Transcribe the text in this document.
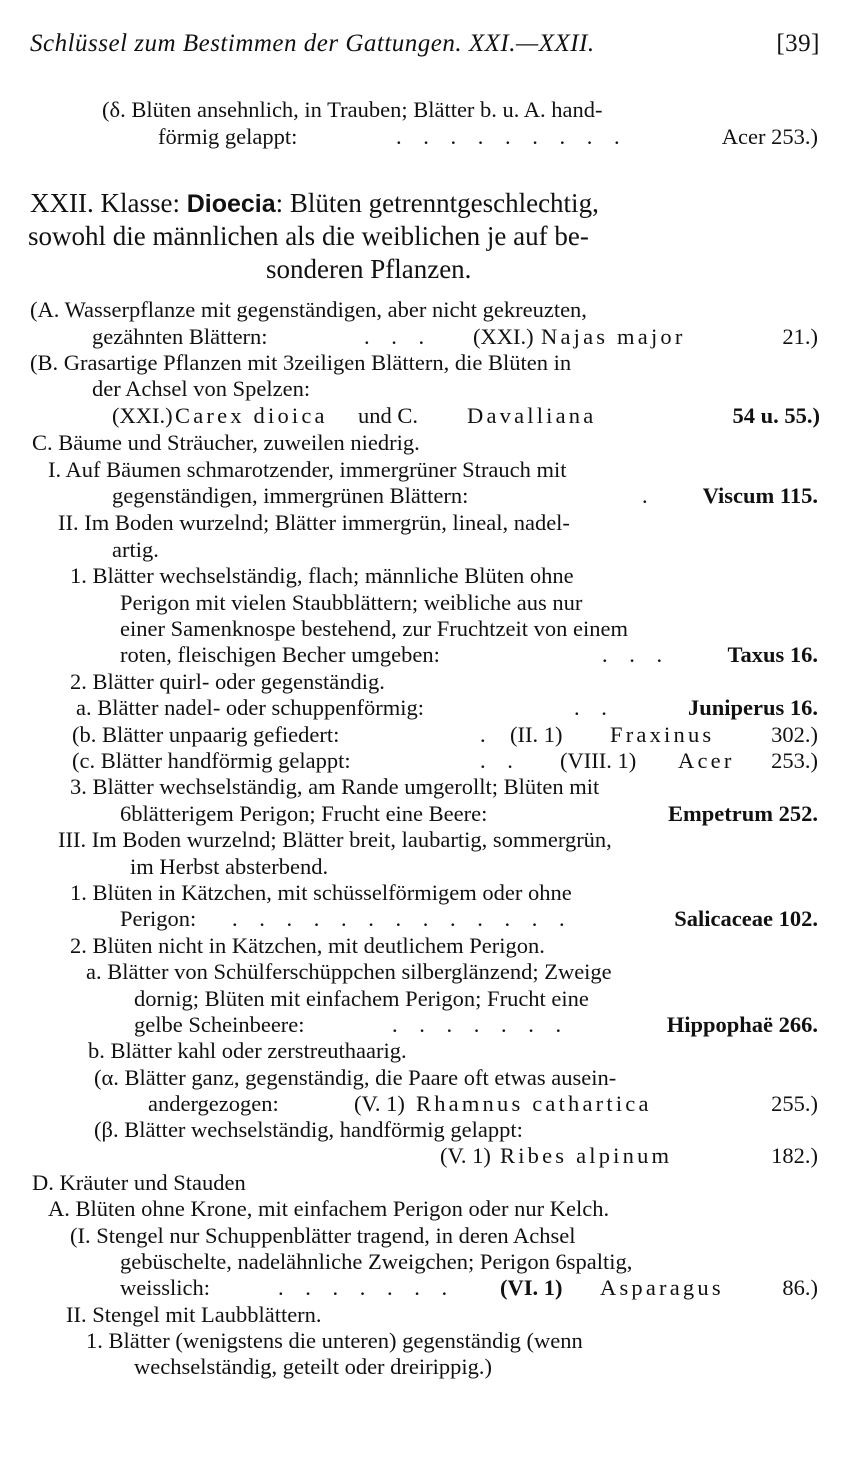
Schlüssel zum Bestimmen der Gattungen. XXI.—XXII.	[39]
(δ. Blüten ansehnlich, in Trauben; Blätter b. u. A. hand-
förmig gelappt:	. . . . . . . . .	Acer 253.)
XXII. Klasse: Dioecia: Blüten getrenntgeschlechtig,
sowohl die männlichen als die weiblichen je auf be-
sonderen Pflanzen.
(A. Wasserpflanze mit gegenständigen, aber nicht gekreuzten,
gezähnten Blättern:	. . . (XXI.) Najas major	21.)
(B. Grasartige Pflanzen mit 3zeiligen Blättern, die Blüten in
der Achsel von Spelzen:
(XXI.) Carex dioica und C. Davalliana	54 u. 55.)
C. Bäume und Sträucher, zuweilen niedrig.
I. Auf Bäumen schmarotzender, immergrüner Strauch mit
gegenständigen, immergrünen Blättern:	. Viscum 115.
II. Im Boden wurzelnd; Blätter immergrün, lineal, nadel-
artig.
1. Blätter wechselständig, flach; männliche Blüten ohne
Perigon mit vielen Staubblättern; weibliche aus nur
einer Samenknospe bestehend, zur Fruchtzeit von einem
roten, fleischigen Becher umgeben:	. . .	Taxus 16.
2. Blätter quirl- oder gegenständig.
a. Blätter nadel- oder schuppenförmig:	. .	Juniperus 16.
(b. Blätter unpaarig gefiedert:	. (II. 1) Fraxinus	302.)
(c. Blätter handförmig gelappt:	. . (VIII. 1) Acer 253.)
3. Blätter wechselständig, am Rande umgerollt; Blüten mit
6blätterigem Perigon; Frucht eine Beere:	Empetrum 252.
III. Im Boden wurzelnd; Blätter breit, laubartig, sommergrün,
im Herbst absterbend.
1. Blüten in Kätzchen, mit schüsselförmigem oder ohne
Perigon: . . . . . . . . . . . . .	Salicaceae 102.
2. Blüten nicht in Kätzchen, mit deutlichem Perigon.
a. Blätter von Schülferschüppchen silberglänzend; Zweige
dornig; Blüten mit einfachem Perigon; Frucht eine
gelbe Scheinbeere:	. . . . . . .	Hippophaë 266.
b. Blätter kahl oder zerstreuthaarig.
(α. Blätter ganz, gegenständig, die Paare oft etwas ausein-
andergezogen:	(V. 1) Rhamnus cathartica	255.)
(β. Blätter wechselständig, handförmig gelappt:
(V. 1) Ribes alpinum	182.)
D. Kräuter und Stauden
A. Blüten ohne Krone, mit einfachem Perigon oder nur Kelch.
(I. Stengel nur Schuppenblätter tragend, in deren Achsel
gebüschelte, nadelähnliche Zweigchen; Perigon 6spaltig,
weisslich:	. . . . . . . (VI. 1) Asparagus	86.)
II. Stengel mit Laubblättern.
1. Blätter (wenigstens die unteren) gegenständig (wenn
wechselständig, geteilt oder dreirippig.)
